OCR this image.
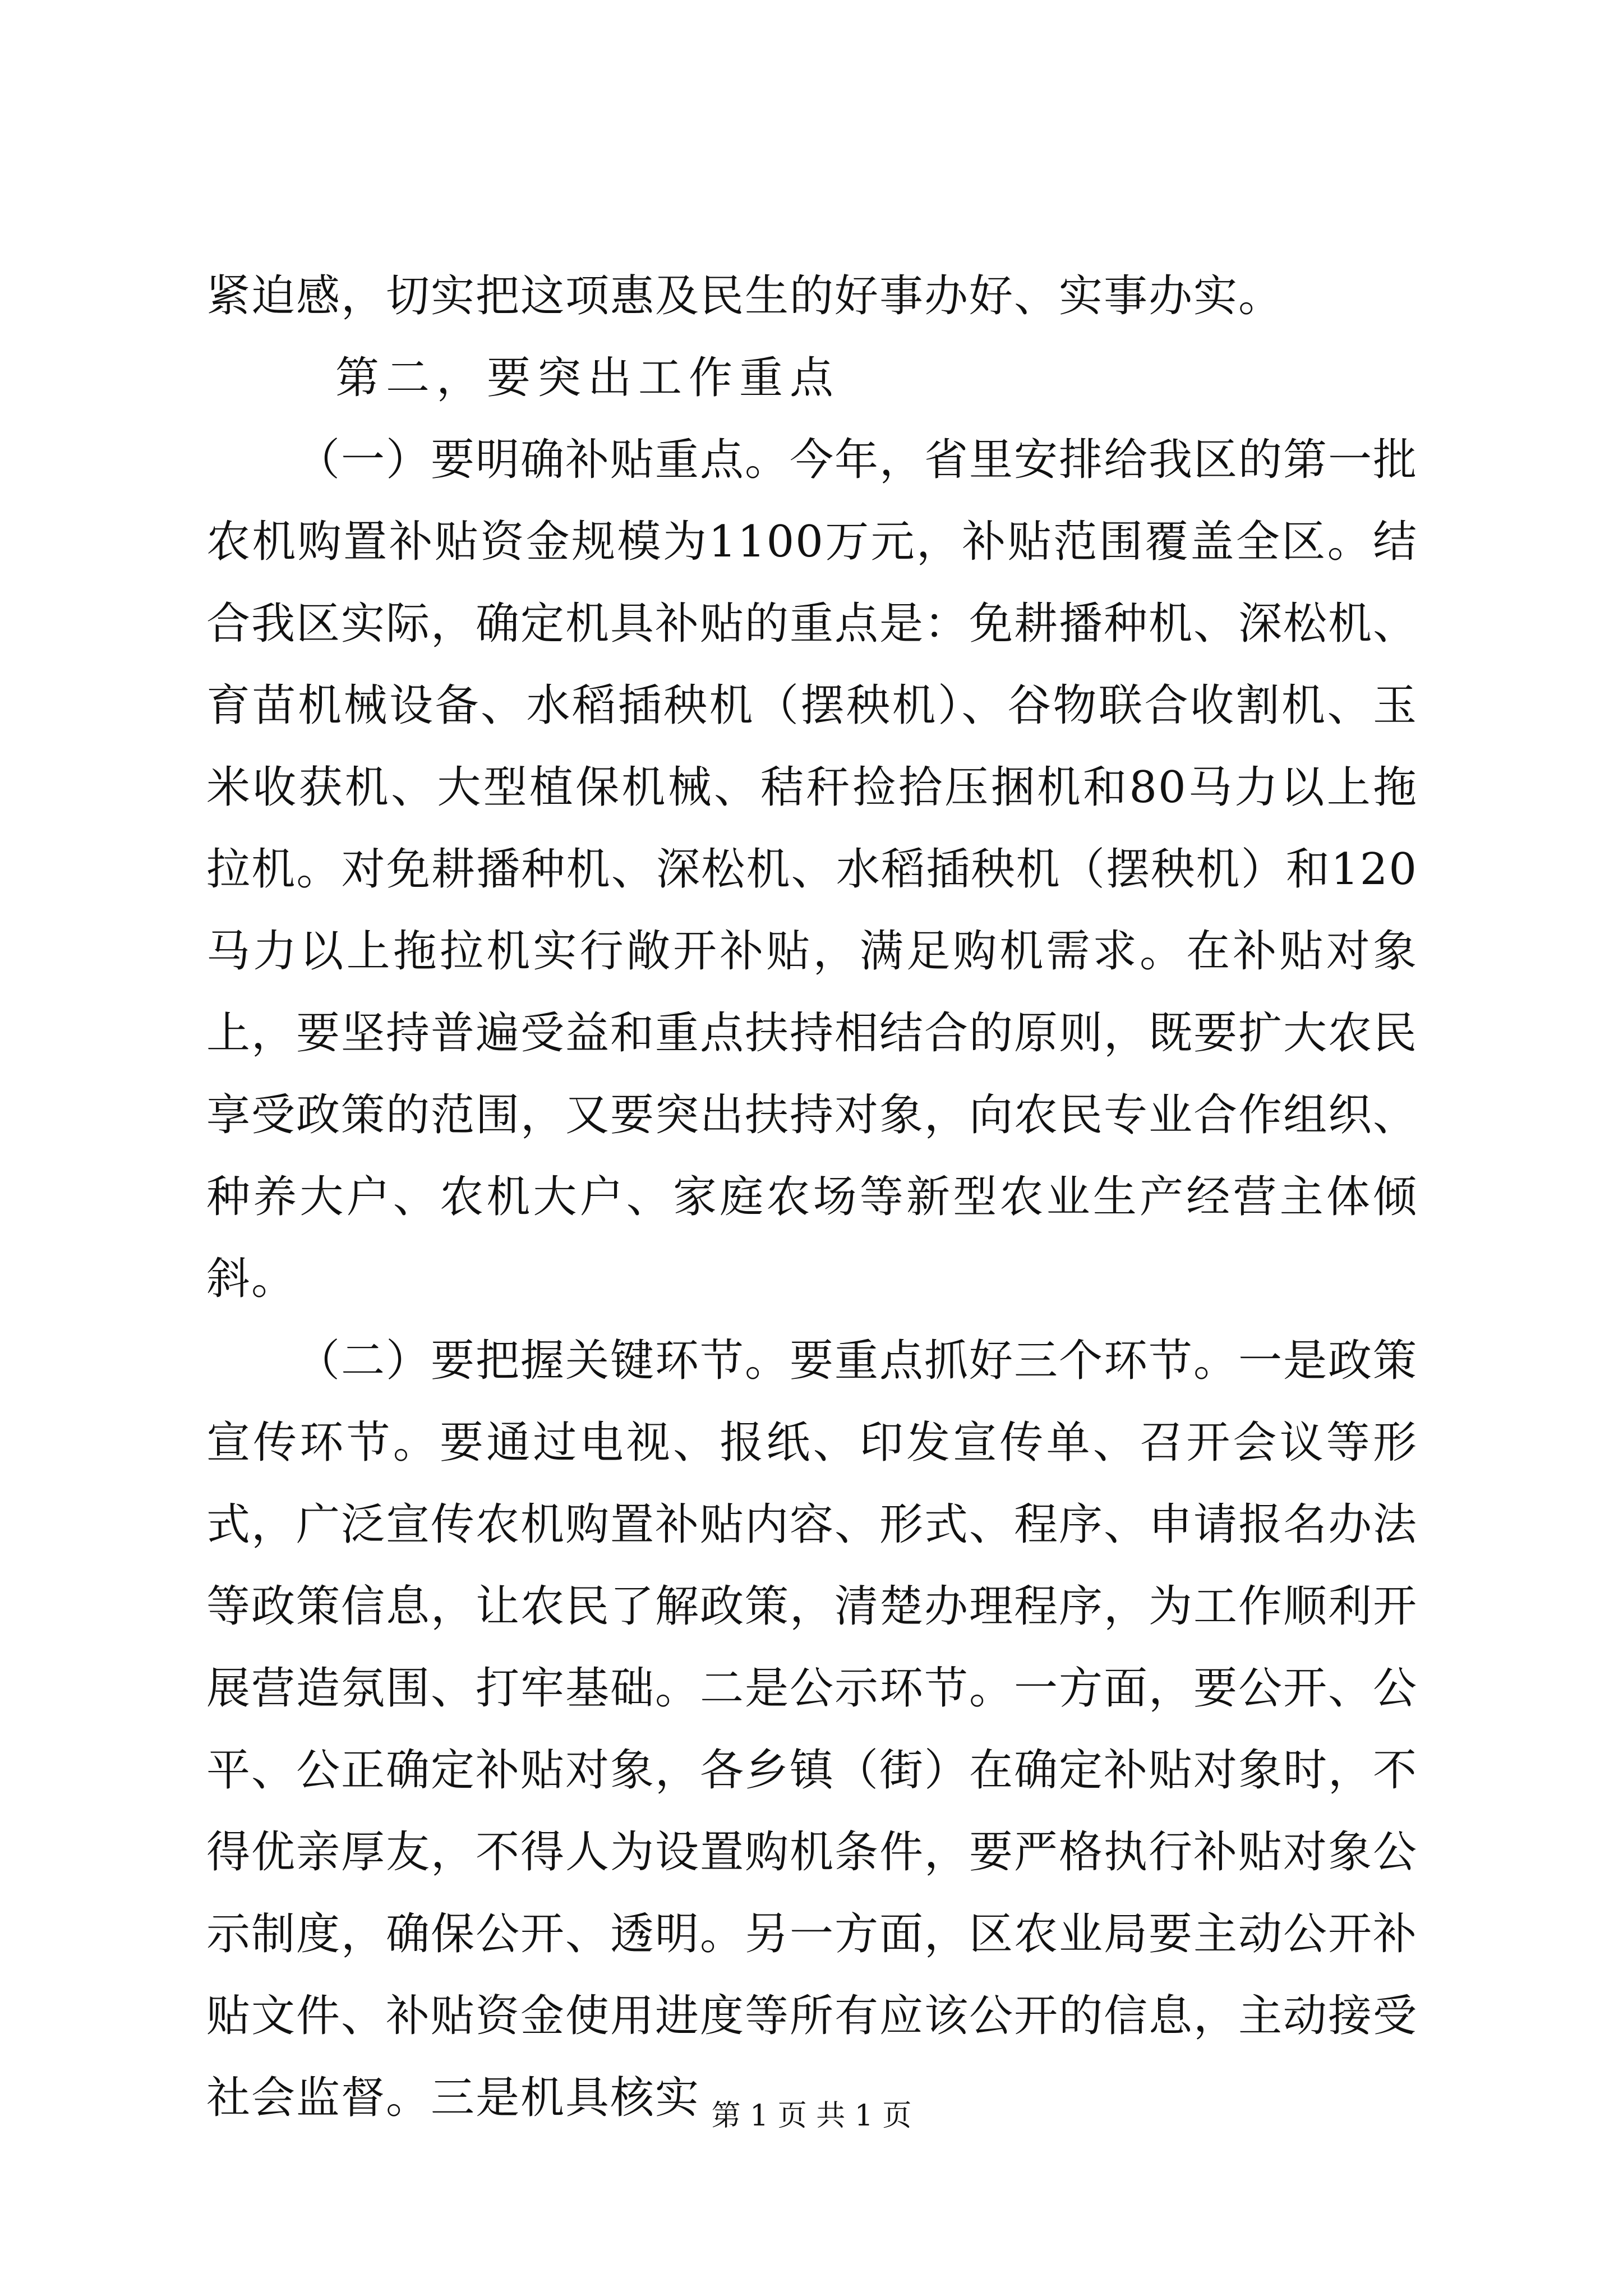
紧迫感，切实把这项惠及民生的好事办好、实事办实。

第二，要突出工作重点

（一）要明确补贴重点。今年，省里安排给我区的第一批农机购置补贴资金规模为1100万元，补贴范围覆盖全区。结合我区实际，确定机具补贴的重点是：免耕播种机、深松机、育苗机械设备、水稻插秧机（摆秧机）、谷物联合收割机、玉米收获机、大型植保机械、秸秆捡拾压捆机和80马力以上拖拉机。对免耕播种机、深松机、水稻插秧机（摆秧机）和120马力以上拖拉机实行敞开补贴，满足购机需求。在补贴对象上，要坚持普遍受益和重点扶持相结合的原则，既要扩大农民享受政策的范围，又要突出扶持对象，向农民专业合作组织、种养大户、农机大户、家庭农场等新型农业生产经营主体倾斜。

（二）要把握关键环节。要重点抓好三个环节。一是政策宣传环节。要通过电视、报纸、印发宣传单、召开会议等形式，广泛宣传农机购置补贴内容、形式、程序、申请报名办法等政策信息，让农民了解政策，清楚办理程序，为工作顺利开展营造氛围、打牢基础。二是公示环节。一方面，要公开、公平、公正确定补贴对象，各乡镇（街）在确定补贴对象时，不得优亲厚友，不得人为设置购机条件，要严格执行补贴对象公示制度，确保公开、透明。另一方面，区农业局要主动公开补贴文件、补贴资金使用进度等所有应该公开的信息，主动接受社会监督。三是机具核实 第 1 页 共 1 页
